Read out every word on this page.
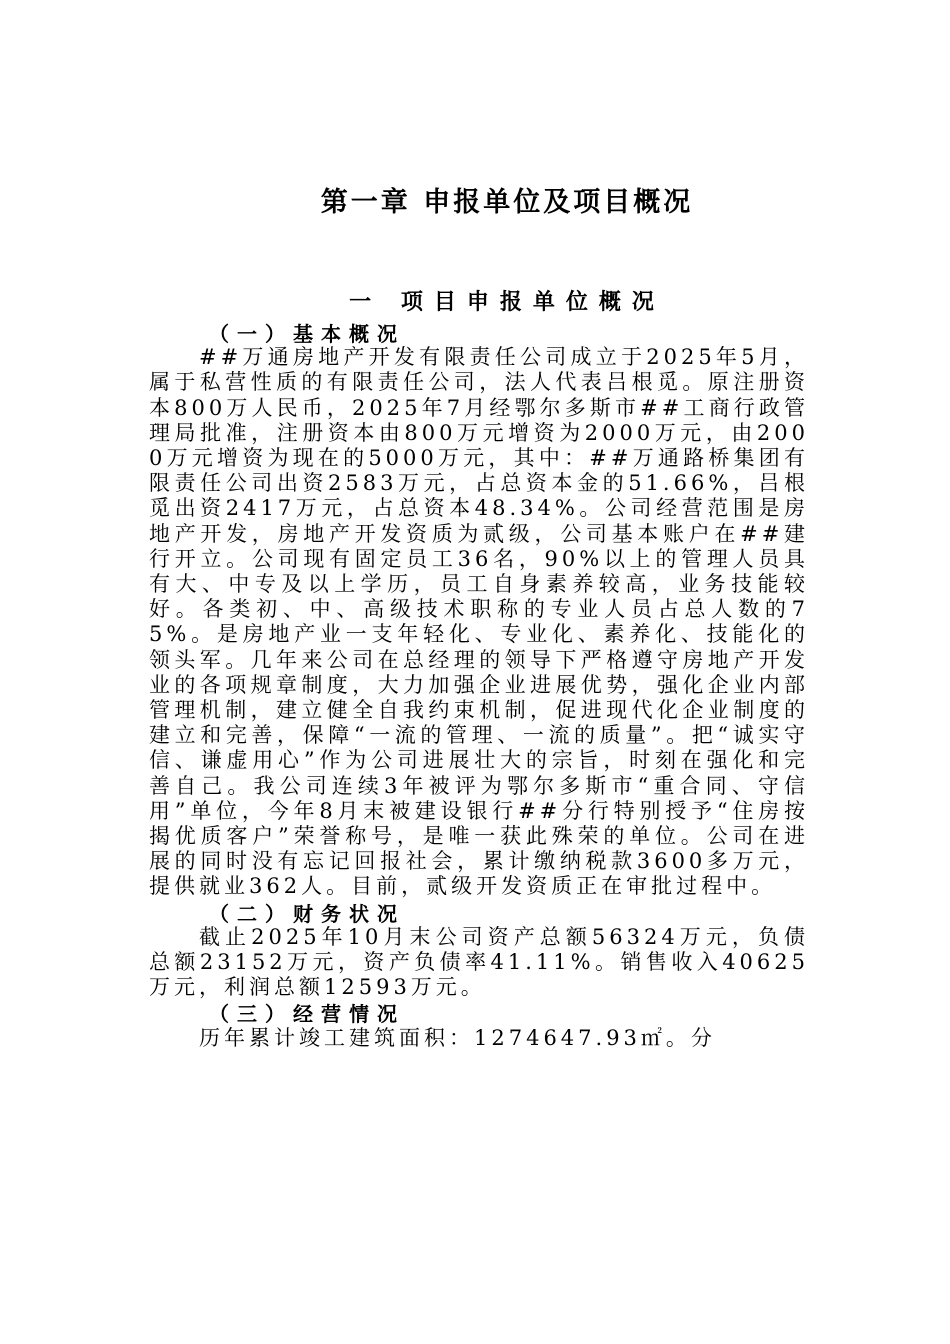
第一章 申报单位及项目概况
一 项目申报单位概况
（一）基本概况
##万通房地产开发有限责任公司成立于2025年5月，属于私营性质的有限责任公司，法人代表吕根觅。原注册资本800万人民币，2025年7月经鄂尔多斯市##工商行政管理局批准，注册资本由800万元增资为2000万元，由2000万元增资为现在的5000万元，其中：##万通路桥集团有限责任公司出资2583万元，占总资本金的51.66%，吕根觅出资2417万元，占总资本48.34%。公司经营范围是房地产开发，房地产开发资质为贰级，公司基本账户在##建行开立。公司现有固定员工36名，90%以上的管理人员具有大、中专及以上学历，员工自身素养较高，业务技能较好。各类初、中、高级技术职称的专业人员占总人数的75%。是房地产业一支年轻化、专业化、素养化、技能化的领头军。几年来公司在总经理的领导下严格遵守房地产开发业的各项规章制度，大力加强企业进展优势，强化企业内部管理机制，建立健全自我约束机制，促进现代化企业制度的建立和完善，保障“一流的管理、一流的质量”。把“诚实守信、谦虚用心”作为公司进展壮大的宗旨，时刻在强化和完善自己。我公司连续3年被评为鄂尔多斯市“重合同、守信用”单位，今年8月末被建设银行##分行特别授予“住房按揭优质客户”荣誉称号，是唯一获此殊荣的单位。公司在进展的同时没有忘记回报社会，累计缴纳税款3600多万元，提供就业362人。目前，贰级开发资质正在审批过程中。
（二）财务状况
截止2025年10月末公司资产总额56324万元，负债总额23152万元，资产负债率41.11%。销售收入40625万元，利润总额12593万元。
（三）经营情况
历年累计竣工建筑面积：1274647.93㎡。分
